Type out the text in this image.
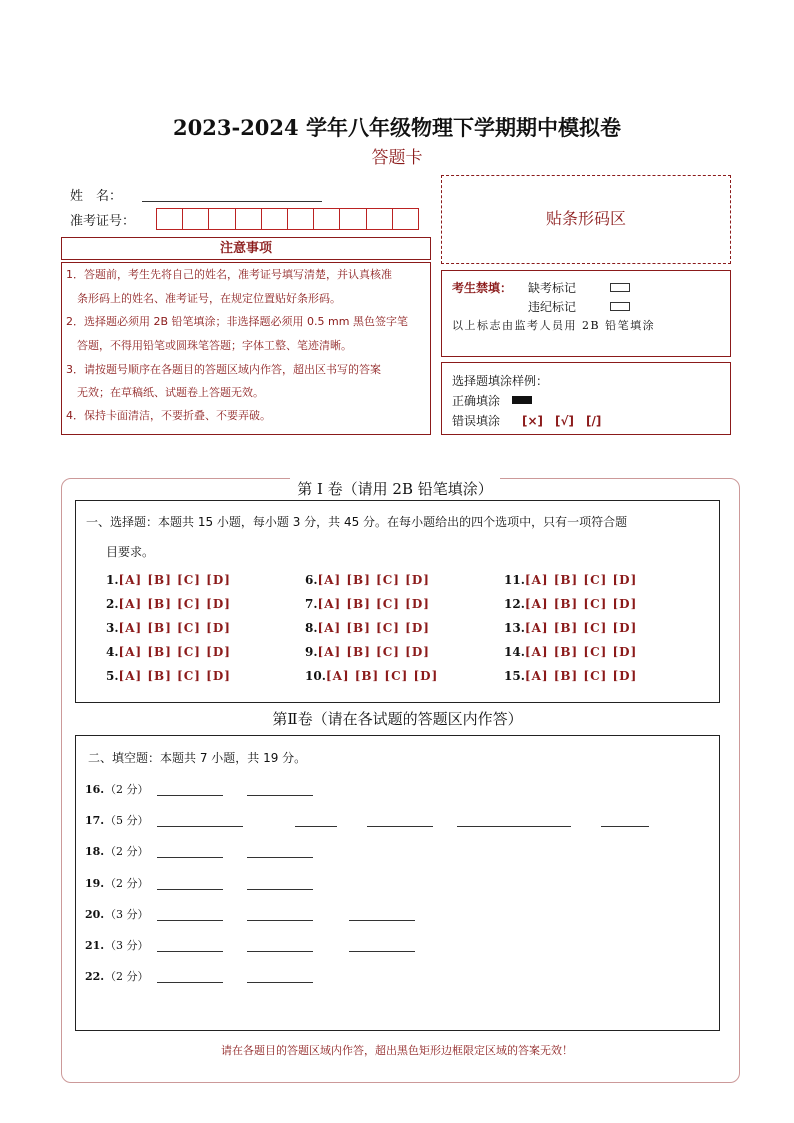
2023-2024 学年八年级物理下学期期中模拟卷
答题卡
姓　名：
准考证号：	贴条形码区
注意事项
1．答题前，考生先将自己的姓名，准考证号填写清楚，并认真核准
　条形码上的姓名、准考证号，在规定位置贴好条形码。
2．选择题必须用 2B 铅笔填涂；非选择题必须用 0.5 mm 黑色签字笔
　答题，不得用铅笔或圆珠笔答题；字体工整、笔迹清晰。
3．请按题号顺序在各题目的答题区域内作答，超出区书写的答案
　无效；在草稿纸、试题卷上答题无效。
4．保持卡面清洁，不要折叠、不要弄破。
考生禁填： 缺考标记
违纪标记
以上标志由监考人员用 2B 铅笔填涂
选择题填涂样例：
正确填涂
错误填涂 [×]　[√]　[/]
第 I 卷（请用 2B 铅笔填涂）
一、选择题：本题共 15 小题，每小题 3 分，共 45 分。在每小题给出的四个选项中，只有一项符合题
目要求。
1.[A] [B] [C] [D]
2.[A] [B] [C] [D]
3.[A] [B] [C] [D]
4.[A] [B] [C] [D]
5.[A] [B] [C] [D]
6.[A] [B] [C] [D]
7.[A] [B] [C] [D]
8.[A] [B] [C] [D]
9.[A] [B] [C] [D]
10.[A] [B] [C] [D]
11.[A] [B] [C] [D]
12.[A] [B] [C] [D]
13.[A] [B] [C] [D]
14.[A] [B] [C] [D]
15.[A] [B] [C] [D]
第Ⅱ卷（请在各试题的答题区内作答）
二、填空题：本题共 7 小题，共 19 分。
16.（2 分）
17.（5 分）
18.（2 分）
19.（2 分）
20.（3 分）
21.（3 分）
22.（2 分）
请在各题目的答题区域内作答，超出黑色矩形边框限定区域的答案无效！
